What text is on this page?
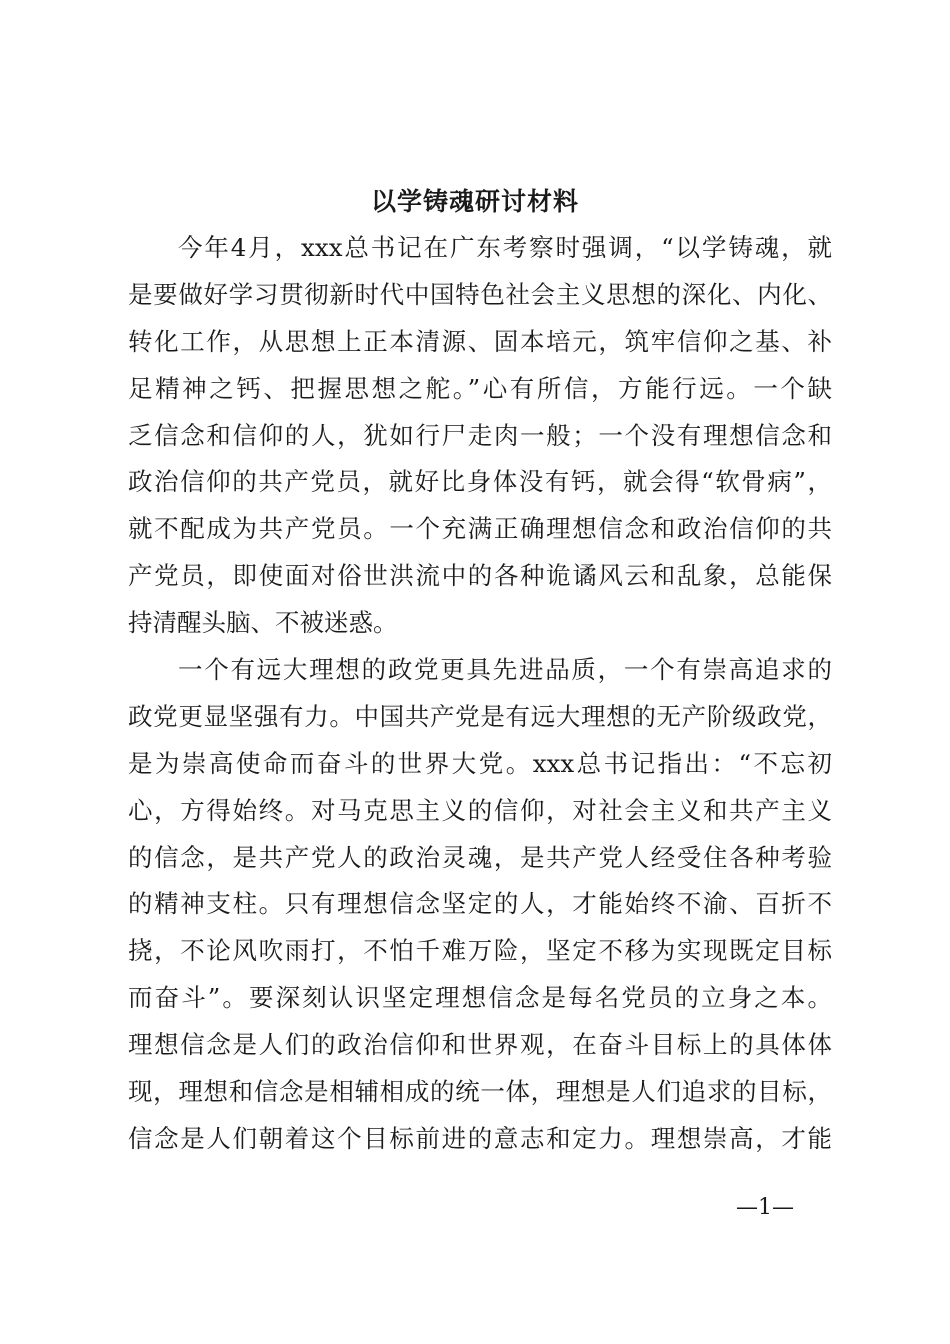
以学铸魂研讨材料
今年4月，xxx总书记在广东考察时强调，“以学铸魂，就
是要做好学习贯彻新时代中国特色社会主义思想的深化、内化、
转化工作，从思想上正本清源、固本培元，筑牢信仰之基、补
足精神之钙、把握思想之舵。”心有所信，方能行远。一个缺
乏信念和信仰的人，犹如行尸走肉一般；一个没有理想信念和
政治信仰的共产党员，就好比身体没有钙，就会得“软骨病”，
就不配成为共产党员。一个充满正确理想信念和政治信仰的共
产党员，即使面对俗世洪流中的各种诡谲风云和乱象，总能保
持清醒头脑、不被迷惑。
一个有远大理想的政党更具先进品质，一个有崇高追求的
政党更显坚强有力。中国共产党是有远大理想的无产阶级政党，
是为崇高使命而奋斗的世界大党。xxx总书记指出：“不忘初
心，方得始终。对马克思主义的信仰，对社会主义和共产主义
的信念，是共产党人的政治灵魂，是共产党人经受住各种考验
的精神支柱。只有理想信念坚定的人，才能始终不渝、百折不
挠，不论风吹雨打，不怕千难万险，坚定不移为实现既定目标
而奋斗”。要深刻认识坚定理想信念是每名党员的立身之本。
理想信念是人们的政治信仰和世界观，在奋斗目标上的具体体
现，理想和信念是相辅相成的统一体，理想是人们追求的目标，
信念是人们朝着这个目标前进的意志和定力。理想崇高，才能
—1—
